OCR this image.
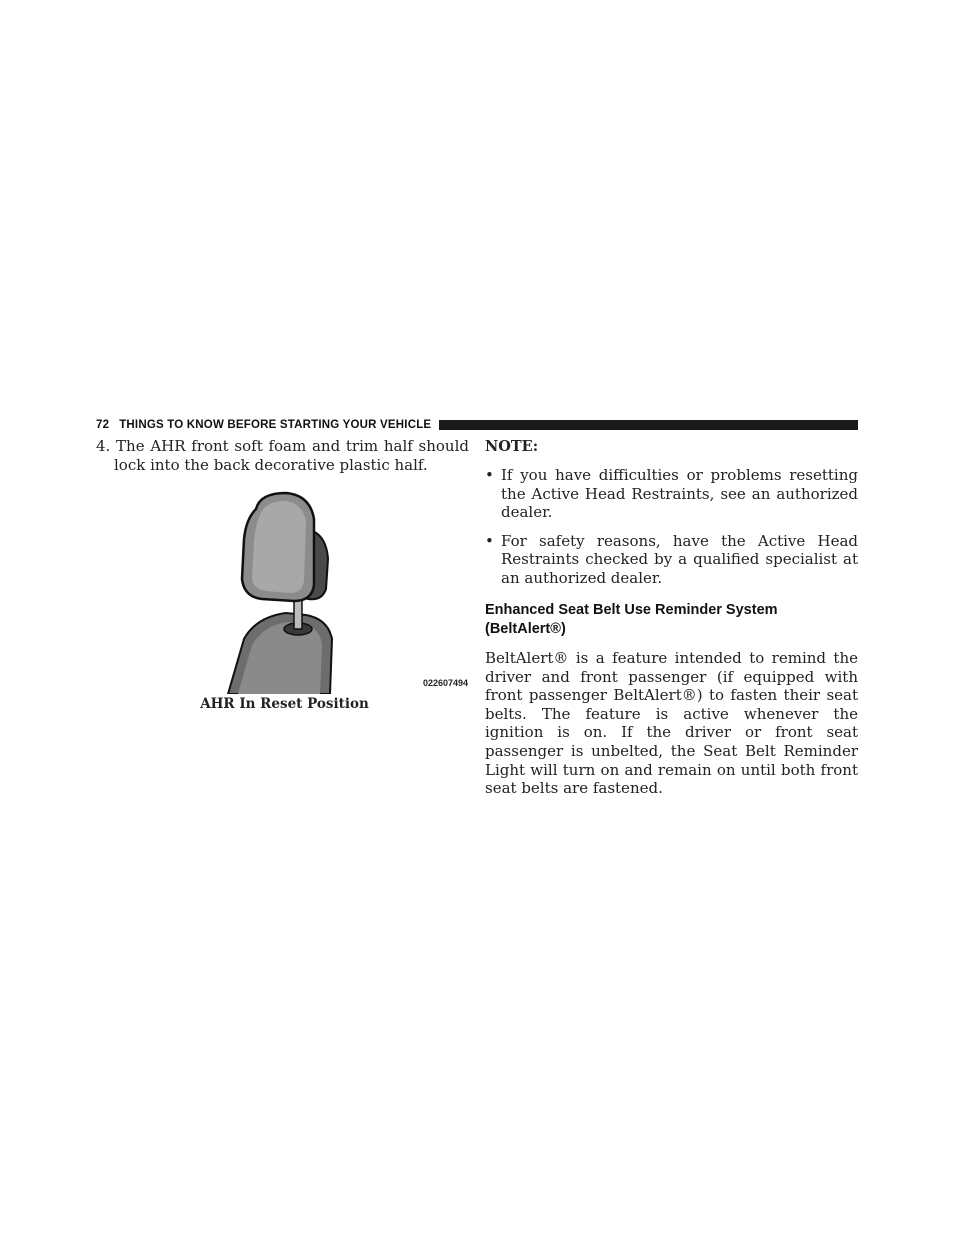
72 THINGS TO KNOW BEFORE STARTING YOUR VEHICLE

4. The AHR front soft foam and trim half should lock into the back decorative plastic half.

022607494
AHR In Reset Position

NOTE:

• If you have difficulties or problems resetting the Active Head Restraints, see an authorized dealer.
• For safety reasons, have the Active Head Restraints checked by a qualified specialist at an authorized dealer.
Enhanced Seat Belt Use Reminder System (BeltAlert®)

BeltAlert® is a feature intended to remind the driver and front passenger (if equipped with front passenger BeltAlert®) to fasten their seat belts. The feature is active whenever the ignition is on. If the driver or front seat passenger is unbelted, the Seat Belt Reminder Light will turn on and remain on until both front seat belts are fastened.
